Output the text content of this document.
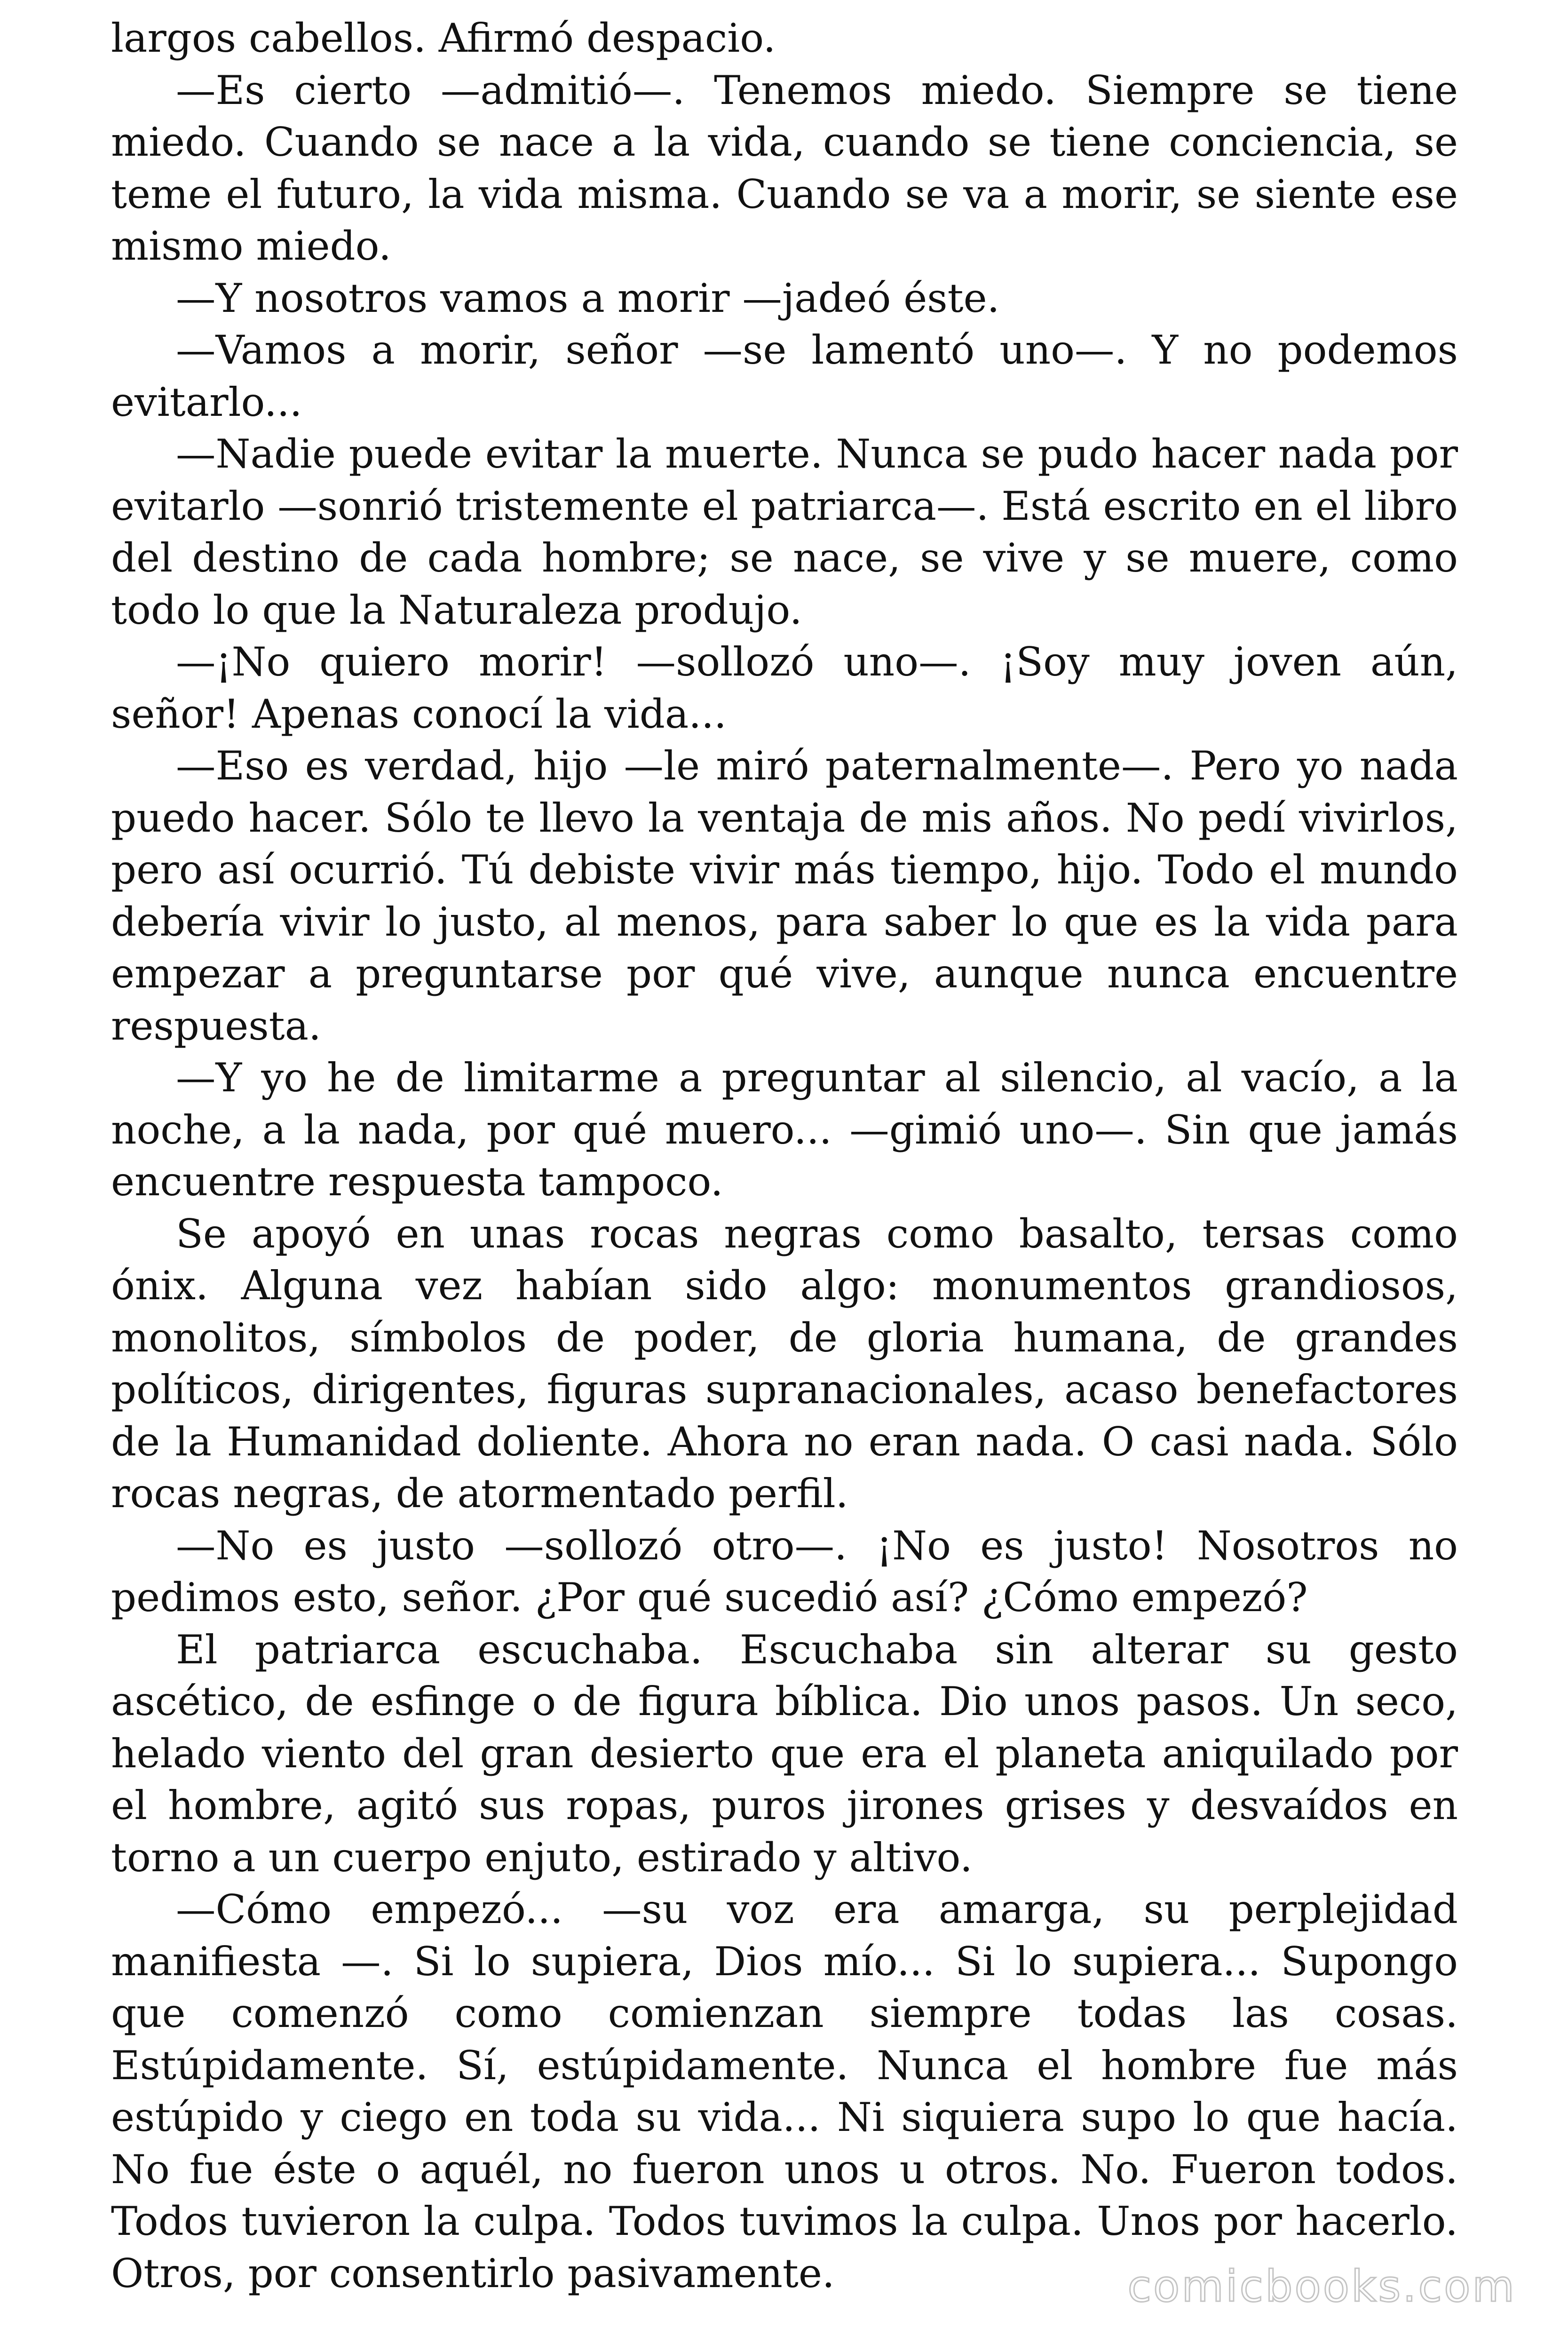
largos cabellos. Afirmó despacio.

—Es cierto —admitió—. Tenemos miedo. Siempre se tiene miedo. Cuando se nace a la vida, cuando se tiene conciencia, se teme el futuro, la vida misma. Cuando se va a morir, se siente ese mismo miedo.

—Y nosotros vamos a morir —jadeó éste.

—Vamos a morir, señor —se lamentó uno—. Y no podemos evitarlo...

—Nadie puede evitar la muerte. Nunca se pudo hacer nada por evitarlo —sonrió tristemente el patriarca—. Está escrito en el libro del destino de cada hombre; se nace, se vive y se muere, como todo lo que la Naturaleza produjo.

—¡No quiero morir! —sollozó uno—. ¡Soy muy joven aún, señor! Apenas conocí la vida...

—Eso es verdad, hijo —le miró paternalmente—. Pero yo nada puedo hacer. Sólo te llevo la ventaja de mis años. No pedí vivirlos, pero así ocurrió. Tú debiste vivir más tiempo, hijo. Todo el mundo debería vivir lo justo, al menos, para saber lo que es la vida para empezar a preguntarse por qué vive, aunque nunca encuentre respuesta.

—Y yo he de limitarme a preguntar al silencio, al vacío, a la noche, a la nada, por qué muero... —gimió uno—. Sin que jamás encuentre respuesta tampoco.

Se apoyó en unas rocas negras como basalto, tersas como ónix. Alguna vez habían sido algo: monumentos grandiosos, monolitos, símbolos de poder, de gloria humana, de grandes políticos, dirigentes, figuras supranacionales, acaso benefactores de la Humanidad doliente. Ahora no eran nada. O casi nada. Sólo rocas negras, de atormentado perfil.

—No es justo —sollozó otro—. ¡No es justo! Nosotros no pedimos esto, señor. ¿Por qué sucedió así? ¿Cómo empezó?

El patriarca escuchaba. Escuchaba sin alterar su gesto ascético, de esfinge o de figura bíblica. Dio unos pasos. Un seco, helado viento del gran desierto que era el planeta aniquilado por el hombre, agitó sus ropas, puros jirones grises y desvaídos en torno a un cuerpo enjuto, estirado y altivo.

—Cómo empezó... —su voz era amarga, su perplejidad manifiesta —. Si lo supiera, Dios mío... Si lo supiera... Supongo que comenzó como comienzan siempre todas las cosas. Estúpidamente. Sí, estúpidamente. Nunca el hombre fue más estúpido y ciego en toda su vida... Ni siquiera supo lo que hacía. No fue éste o aquél, no fueron unos u otros. No. Fueron todos. Todos tuvieron la culpa. Todos tuvimos la culpa. Unos por hacerlo. Otros, por consentirlo pasivamente.	comicbooks.com
